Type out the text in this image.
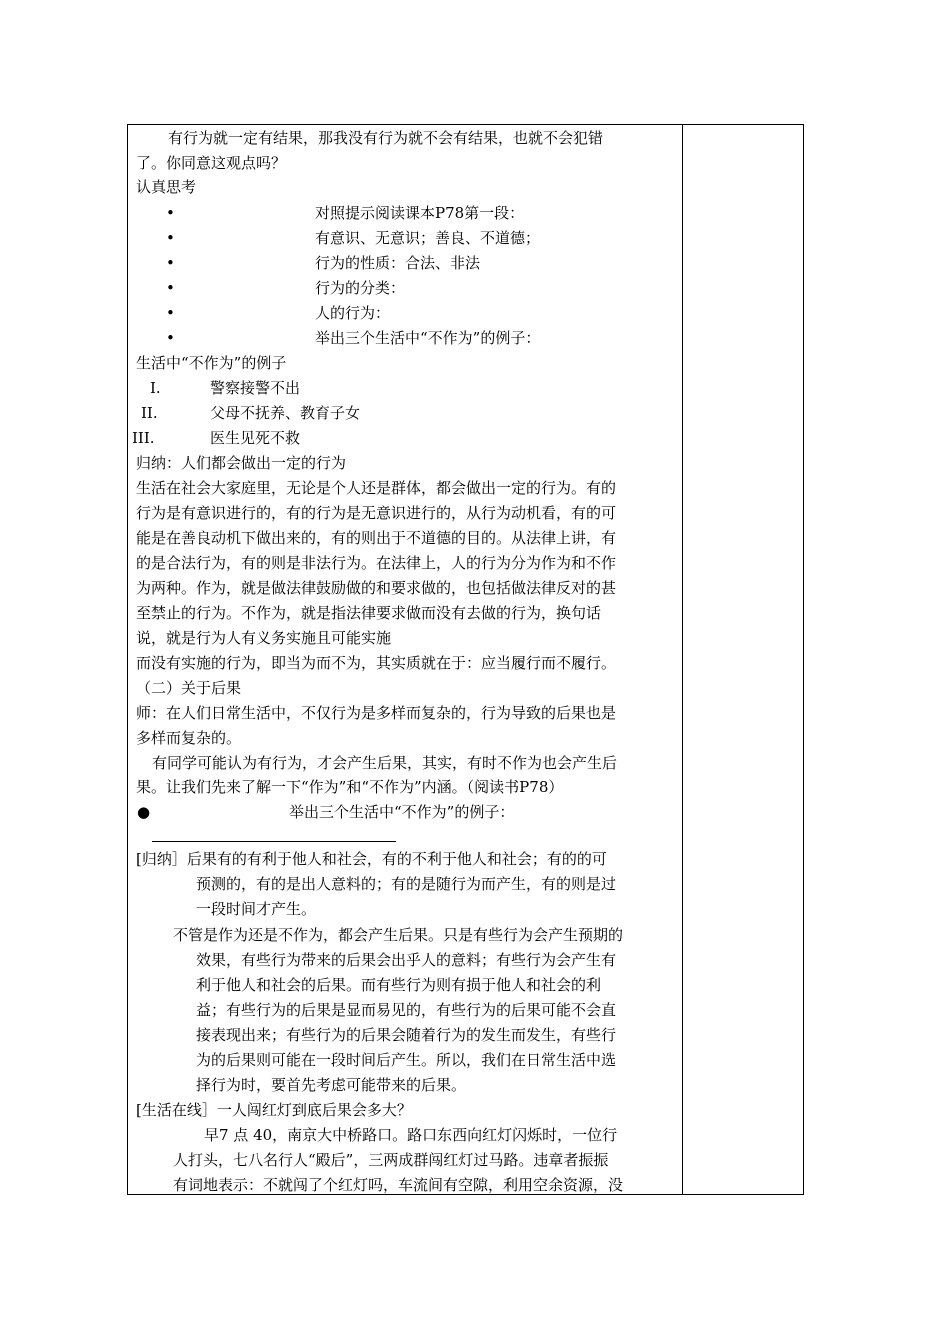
有行为就一定有结果，那我没有行为就不会有结果，也就不会犯错
了。你同意这观点吗？
认真思考
•	对照提示阅读课本P78第一段：
•	有意识、无意识；善良、不道德；
•	行为的性质：合法、非法
•	行为的分类：
•	人的行为：
•	举出三个生活中“不作为”的例子：
生活中“不作为”的例子
I.	警察接警不出
II.	父母不抚养、教育子女
III.	医生见死不救
归纳：人们都会做出一定的行为
生活在社会大家庭里，无论是个人还是群体，都会做出一定的行为。有的
行为是有意识进行的，有的行为是无意识进行的，从行为动机看，有的可
能是在善良动机下做出来的，有的则出于不道德的目的。从法律上讲，有
的是合法行为，有的则是非法行为。在法律上，人的行为分为作为和不作
为两种。作为，就是做法律鼓励做的和要求做的，也包括做法律反对的甚
至禁止的行为。不作为，就是指法律要求做而没有去做的行为，换句话
说，就是行为人有义务实施且可能实施
而没有实施的行为，即当为而不为，其实质就在于：应当履行而不履行。
（二）关于后果
师：在人们日常生活中，不仅行为是多样而复杂的，行为导致的后果也是
多样而复杂的。
有同学可能认为有行为，才会产生后果，其实，有时不作为也会产生后
果。让我们先来了解一下“作为”和“不作为”内涵。（阅读书P78）
●	举出三个生活中“不作为”的例子：
[归纳］后果有的有利于他人和社会，有的不利于他人和社会；有的的可
预测的，有的是出人意料的；有的是随行为而产生，有的则是过
一段时间才产生。
不管是作为还是不作为，都会产生后果。只是有些行为会产生预期的
效果，有些行为带来的后果会出乎人的意料；有些行为会产生有
利于他人和社会的后果。而有些行为则有损于他人和社会的利
益；有些行为的后果是显而易见的，有些行为的后果可能不会直
接表现出来；有些行为的后果会随着行为的发生而发生，有些行
为的后果则可能在一段时间后产生。所以，我们在日常生活中选
择行为时，要首先考虑可能带来的后果。
[生活在线］一人闯红灯到底后果会多大？
早7 点 40，南京大中桥路口。路口东西向红灯闪烁时，一位行
人打头，七八名行人“殿后”，三两成群闯红灯过马路。违章者振振
有词地表示：不就闯了个红灯吗，车流间有空隙，利用空余资源，没
